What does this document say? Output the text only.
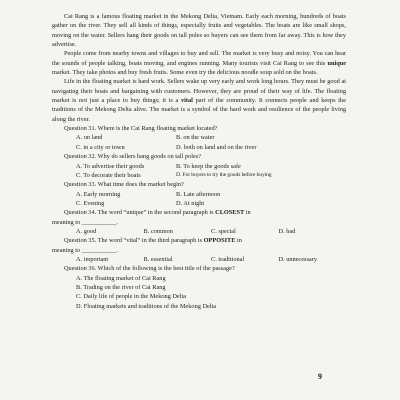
Cai Rang is a famous floating market in the Mekong Delta, Vietnam. Early each morning, hundreds of boats gather on the river. They sell all kinds of things, especially fruits and vegetables. The boats are like small shops, moving on the water. Sellers hang their goods on tall poles so buyers can see them from far away. This is how they advertise.

People come from nearby towns and villages to buy and sell. The market is very busy and noisy. You can hear the sounds of people talking, boats moving, and engines running. Many tourists visit Cai Rang to see this unique market. They take photos and buy fresh fruits. Some even try the delicious noodle soup sold on the boats.

Life in the floating market is hard work. Sellers wake up very early and work long hours. They must be good at navigating their boats and bargaining with customers. However, they are proud of their way of life. The floating market is not just a place to buy things; it is a vital part of the community. It connects people and keeps the traditions of the Mekong Delta alive. The market is a symbol of the hard work and resilience of the people living along the river.

Question 31. Where is the Cai Rang floating market located?

A. on land	B. on the water
C. in a city or town	D. both on land and on the river

Question 32. Why do sellers hang goods on tall poles?

A. To advertise their goods	B. To keep the goods safe
C. To decorate their boats	D. For buyers to try the goods before buying

Question 33. What time does the market begin?

A. Early morning	B. Late afternoon
C. Evening	D. At night

Question 34. The word “unique” in the second paragraph is CLOSEST in

meaning to ___________.

A. good	B. common	C. special	D. bad

Question 35. The word “vital” in the third paragraph is OPPOSITE in

meaning to ___________.

A. important	B. essential	C. traditional	D. unnecessary

Question 36. Which of the following is the best title of the passage?

A. The floating market of Cai Rang

B. Trading on the river of Cai Rang

C. Daily life of people in the Mekong Delta

D. Floating markets and traditions of the Mekong Delta

9
